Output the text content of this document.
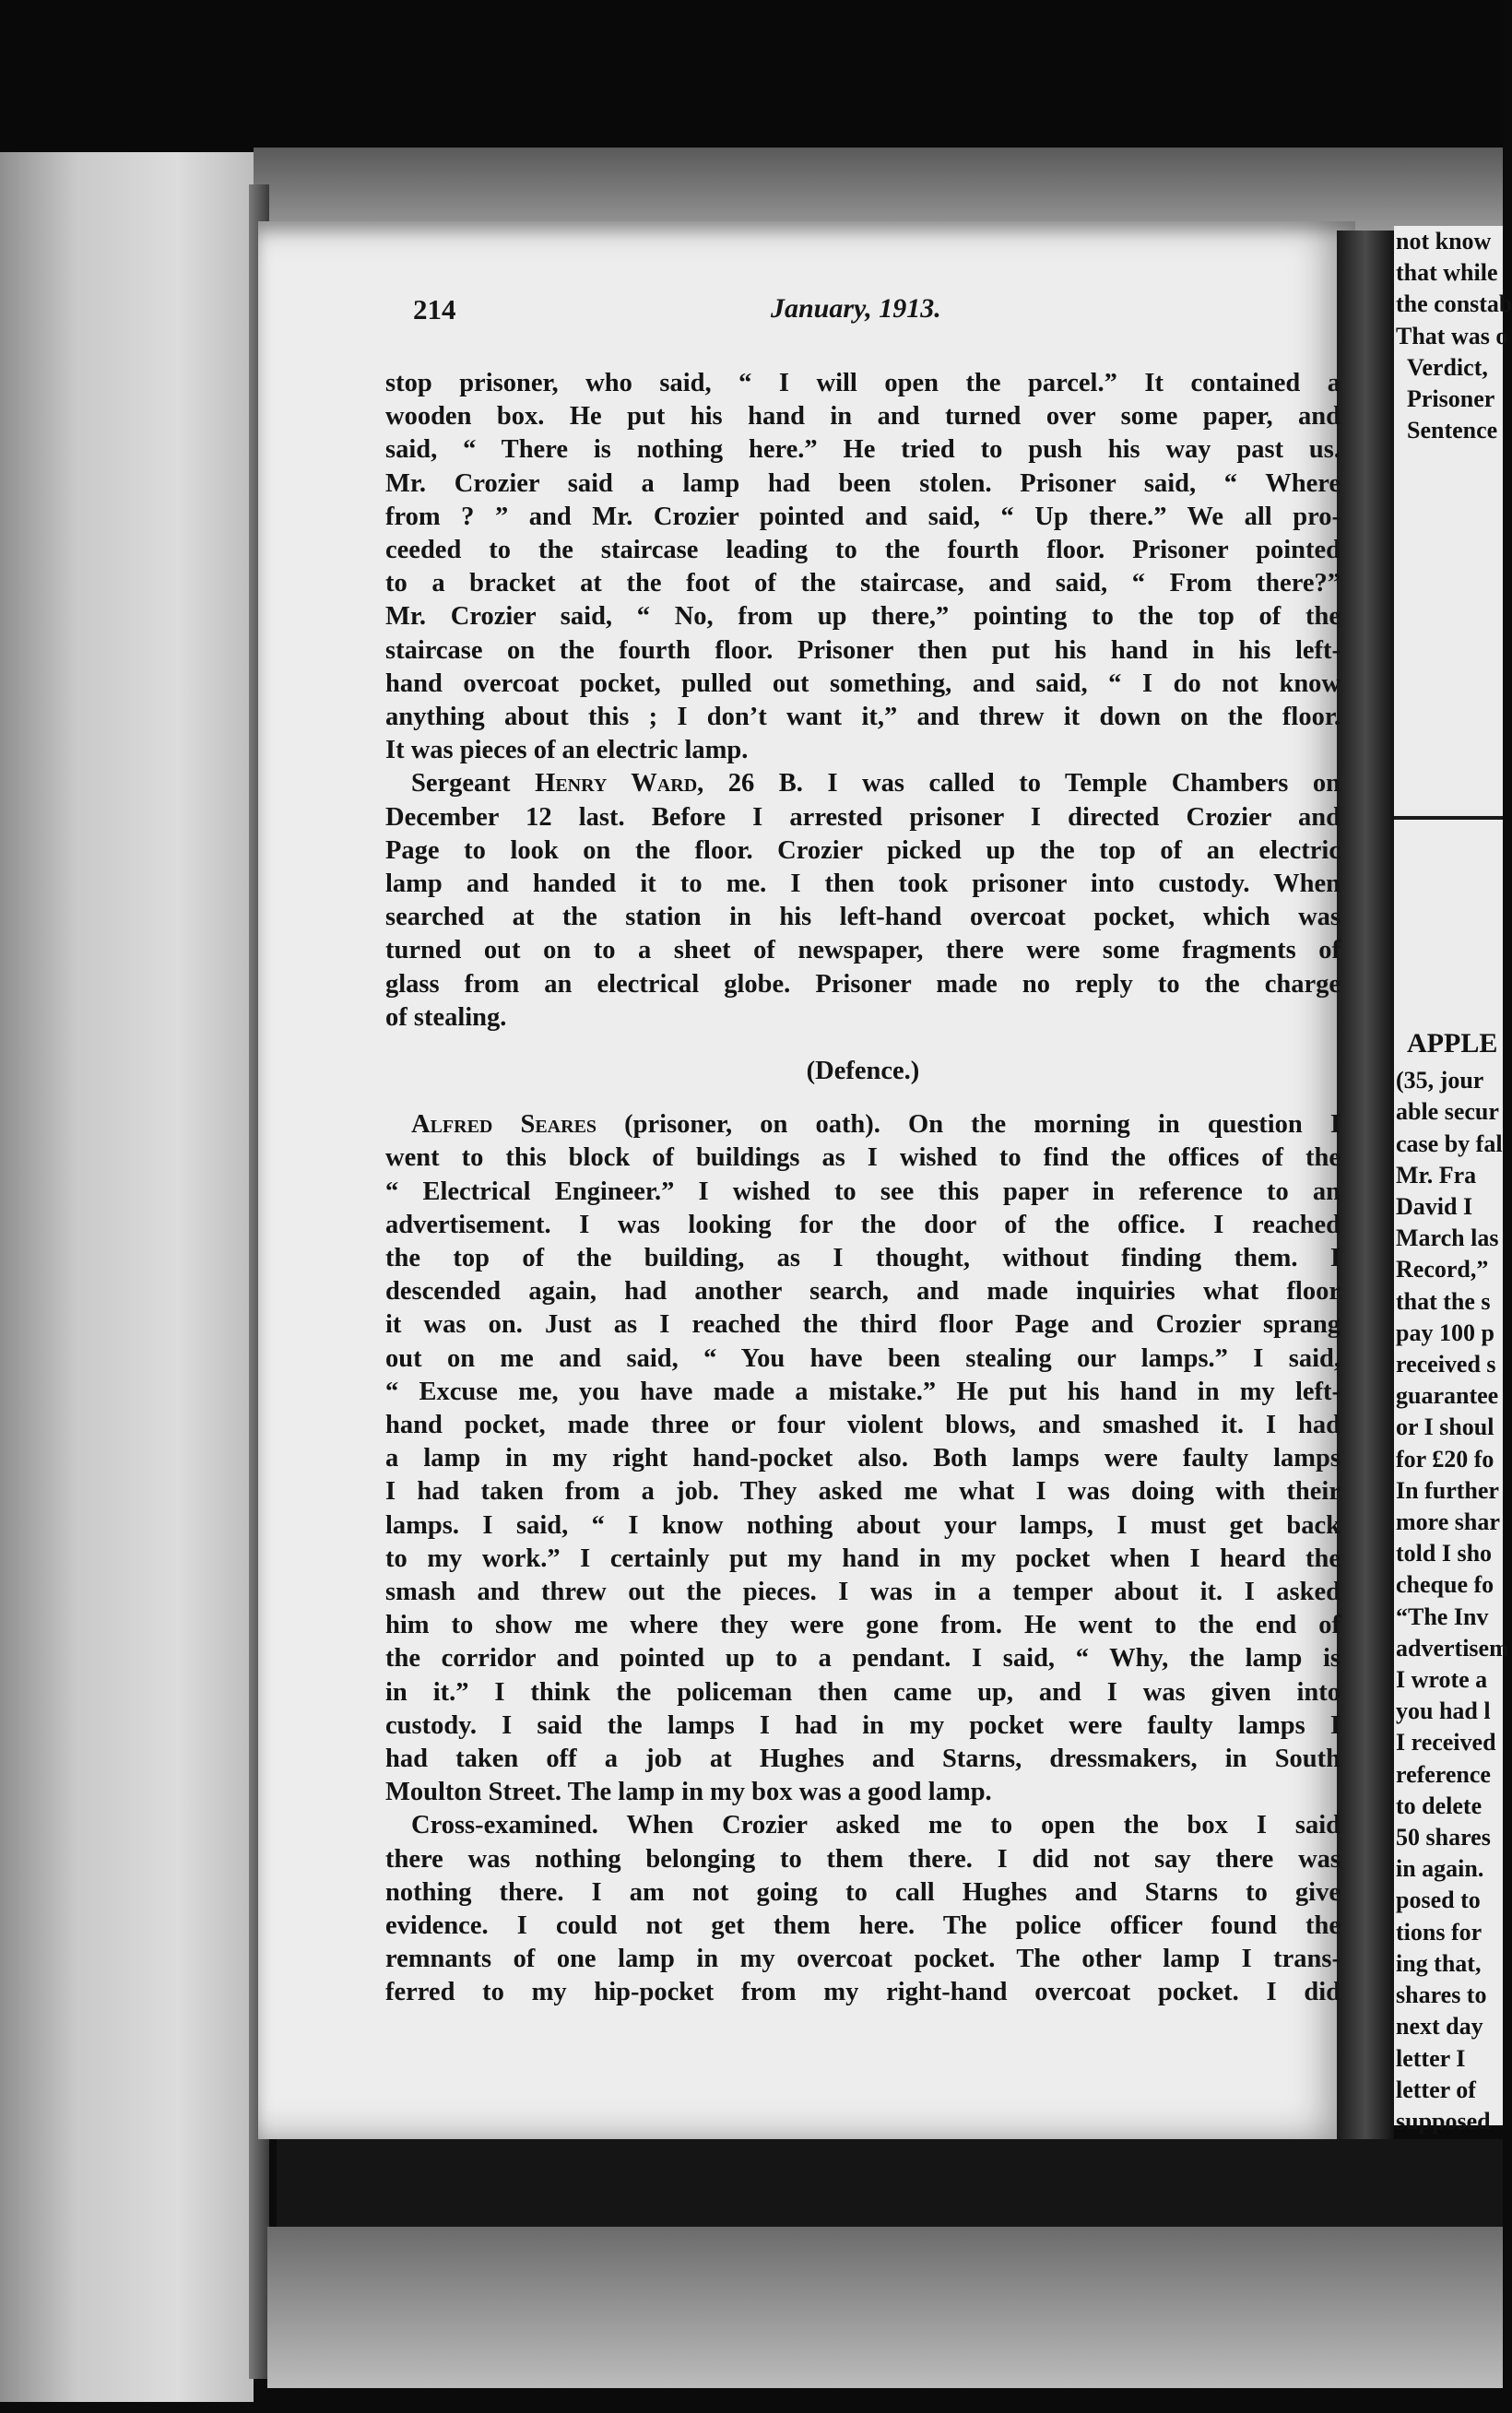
not know
that while
the constab
That was o
Verdict,
Prisoner
Sentence
APPLE
(35, jour
able secur
case by fal
Mr. Fra
David I
March las
Record,”
that the s
pay 100 p
received s
guarantee
or I shoul
for £20 fo
In further
more shar
told I sho
cheque fo
“The Inv
advertisem
I wrote a
you had l
I received
reference
to delete
50 shares
in again.
posed to
tions for
ing that,
shares to
next day
letter I
letter of
supposed
214	January, 1913.
stop prisoner, who said, “ I will open the parcel.” It contained a
wooden box. He put his hand in and turned over some paper, and
said, “ There is nothing here.” He tried to push his way past us.
Mr. Crozier said a lamp had been stolen. Prisoner said, “ Where
from ? ” and Mr. Crozier pointed and said, “ Up there.” We all pro-
ceeded to the staircase leading to the fourth floor. Prisoner pointed
to a bracket at the foot of the staircase, and said, “ From there?”
Mr. Crozier said, “ No, from up there,” pointing to the top of the
staircase on the fourth floor. Prisoner then put his hand in his left-
hand overcoat pocket, pulled out something, and said, “ I do not know
anything about this ; I don’t want it,” and threw it down on the floor.
It was pieces of an electric lamp.
Sergeant Henry Ward, 26 B. I was called to Temple Chambers on
December 12 last. Before I arrested prisoner I directed Crozier and
Page to look on the floor. Crozier picked up the top of an electric
lamp and handed it to me. I then took prisoner into custody. When
searched at the station in his left-hand overcoat pocket, which was
turned out on to a sheet of newspaper, there were some fragments of
glass from an electrical globe. Prisoner made no reply to the charge
of stealing.
(Defence.)
Alfred Seares (prisoner, on oath). On the morning in question I
went to this block of buildings as I wished to find the offices of the
“ Electrical Engineer.” I wished to see this paper in reference to an
advertisement. I was looking for the door of the office. I reached
the top of the building, as I thought, without finding them. I
descended again, had another search, and made inquiries what floor
it was on. Just as I reached the third floor Page and Crozier sprang
out on me and said, “ You have been stealing our lamps.” I said,
“ Excuse me, you have made a mistake.” He put his hand in my left-
hand pocket, made three or four violent blows, and smashed it. I had
a lamp in my right hand-pocket also. Both lamps were faulty lamps
I had taken from a job. They asked me what I was doing with their
lamps. I said, “ I know nothing about your lamps, I must get back
to my work.” I certainly put my hand in my pocket when I heard the
smash and threw out the pieces. I was in a temper about it. I asked
him to show me where they were gone from. He went to the end of
the corridor and pointed up to a pendant. I said, “ Why, the lamp is
in it.” I think the policeman then came up, and I was given into
custody. I said the lamps I had in my pocket were faulty lamps I
had taken off a job at Hughes and Starns, dressmakers, in South
Moulton Street. The lamp in my box was a good lamp.
Cross-examined. When Crozier asked me to open the box I said
there was nothing belonging to them there. I did not say there was
nothing there. I am not going to call Hughes and Starns to give
evidence. I could not get them here. The police officer found the
remnants of one lamp in my overcoat pocket. The other lamp I trans-
ferred to my hip-pocket from my right-hand overcoat pocket. I did
